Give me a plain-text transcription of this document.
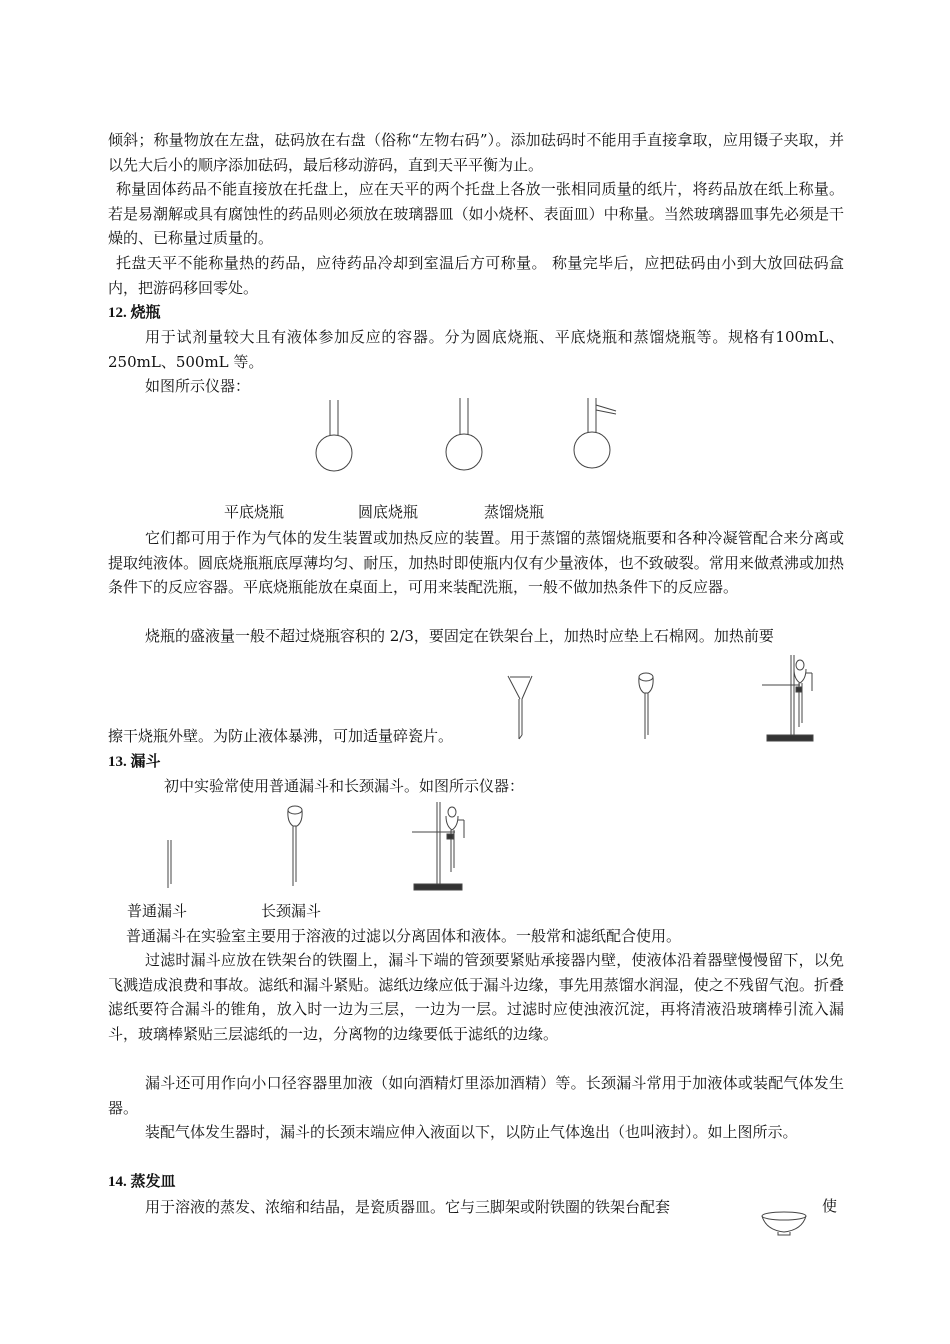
倾斜；称量物放在左盘，砝码放在右盘（俗称“左物右码”）。添加砝码时不能用手直接拿取，应用镊子夹取，并以先大后小的顺序添加砝码，最后移动游码，直到天平平衡为止。

称量固体药品不能直接放在托盘上，应在天平的两个托盘上各放一张相同质量的纸片，将药品放在纸上称量。若是易潮解或具有腐蚀性的药品则必须放在玻璃器皿（如小烧杯、表面皿）中称量。当然玻璃器皿事先必须是干燥的、已称量过质量的。

托盘天平不能称量热的药品，应待药品冷却到室温后方可称量。 称量完毕后，应把砝码由小到大放回砝码盒内，把游码移回零处。

12. 烧瓶

用于试剂量较大且有液体参加反应的容器。分为圆底烧瓶、平底烧瓶和蒸馏烧瓶等。规格有100mL、250mL、500mL 等。

如图所示仪器：

平底烧瓶	圆底烧瓶	蒸馏烧瓶

它们都可用于作为气体的发生装置或加热反应的装置。用于蒸馏的蒸馏烧瓶要和各种冷凝管配合来分离或提取纯液体。圆底烧瓶瓶底厚薄均匀、耐压，加热时即使瓶内仅有少量液体，也不致破裂。常用来做煮沸或加热条件下的反应容器。平底烧瓶能放在桌面上，可用来装配洗瓶，一般不做加热条件下的反应器。

烧瓶的盛液量一般不超过烧瓶容积的 2/3，要固定在铁架台上，加热时应垫上石棉网。加热前要

擦干烧瓶外壁。为防止液体暴沸，可加适量碎瓷片。

13. 漏斗

初中实验常使用普通漏斗和长颈漏斗。如图所示仪器：

普通漏斗	长颈漏斗

普通漏斗在实验室主要用于溶液的过滤以分离固体和液体。一般常和滤纸配合使用。

过滤时漏斗应放在铁架台的铁圈上，漏斗下端的管颈要紧贴承接器内壁，使液体沿着器壁慢慢留下，以免飞溅造成浪费和事故。滤纸和漏斗紧贴。滤纸边缘应低于漏斗边缘，事先用蒸馏水润湿，使之不残留气泡。折叠滤纸要符合漏斗的锥角，放入时一边为三层，一边为一层。过滤时应使浊液沉淀，再将清液沿玻璃棒引流入漏斗，玻璃棒紧贴三层滤纸的一边，分离物的边缘要低于滤纸的边缘。

漏斗还可用作向小口径容器里加液（如向酒精灯里添加酒精）等。长颈漏斗常用于加液体或装配气体发生器。

装配气体发生器时，漏斗的长颈末端应伸入液面以下，以防止气体逸出（也叫液封）。如上图所示。

14. 蒸发皿

用于溶液的蒸发、浓缩和结晶，是瓷质器皿。它与三脚架或附铁圈的铁架台配套	使
